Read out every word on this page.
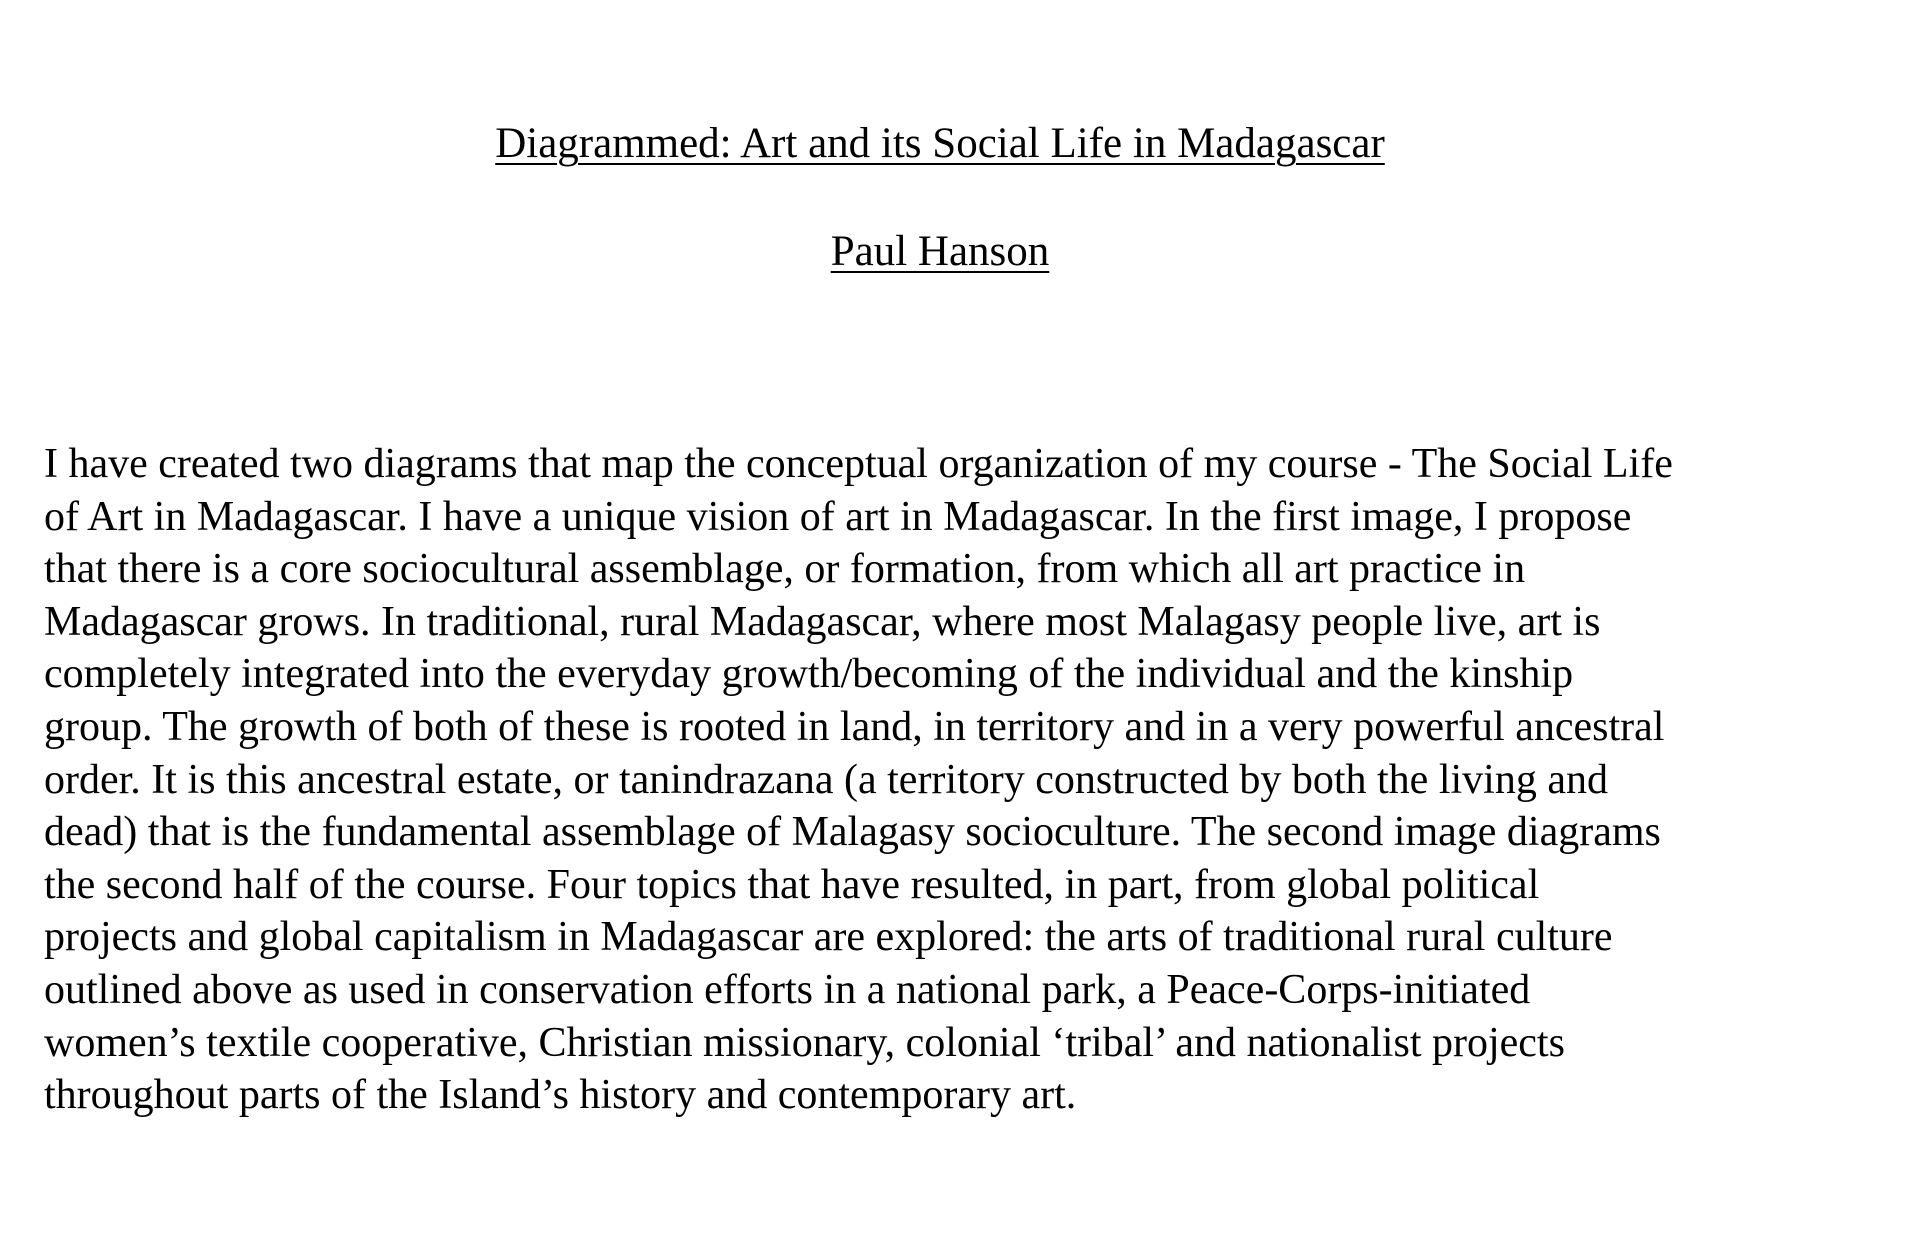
Diagrammed: Art and its Social Life in Madagascar
Paul Hanson
I have created two diagrams that map the conceptual organization of my course - The Social Life
of Art in Madagascar. I have a unique vision of art in Madagascar. In the first image, I propose
that there is a core sociocultural assemblage, or formation, from which all art practice in
Madagascar grows. In traditional, rural Madagascar, where most Malagasy people live, art is
completely integrated into the everyday growth/becoming of the individual and the kinship
group. The growth of both of these is rooted in land, in territory and in a very powerful ancestral
order. It is this ancestral estate, or tanindrazana (a territory constructed by both the living and
dead) that is the fundamental assemblage of Malagasy socioculture. The second image diagrams
the second half of the course. Four topics that have resulted, in part, from global political
projects and global capitalism in Madagascar are explored: the arts of traditional rural culture
outlined above as used in conservation efforts in a national park, a Peace-Corps-initiated
women’s textile cooperative, Christian missionary, colonial ‘tribal’ and nationalist projects
throughout parts of the Island’s history and contemporary art.
